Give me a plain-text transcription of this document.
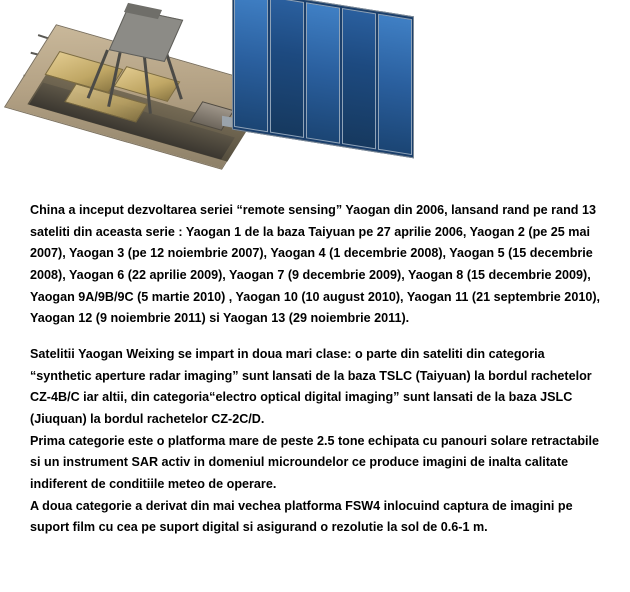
China a inceput dezvoltarea seriei “remote sensing” Yaogan din 2006, lansand rand pe rand 13 sateliti din aceasta serie : Yaogan 1 de la baza Taiyuan pe 27 aprilie 2006, Yaogan 2 (pe 25 mai 2007), Yaogan 3 (pe 12 noiembrie 2007), Yaogan 4 (1 decembrie 2008), Yaogan 5 (15 decembrie 2008), Yaogan 6 (22 aprilie 2009), Yaogan 7 (9 decembrie 2009), Yaogan 8 (15 decembrie 2009), Yaogan 9A/9B/9C (5 martie 2010) , Yaogan 10 (10 august 2010), Yaogan 11 (21 septembrie 2010), Yaogan 12 (9 noiembrie 2011) si Yaogan 13 (29 noiembrie 2011).

Satelitii Yaogan Weixing se impart in doua mari clase: o parte din sateliti din categoria “synthetic aperture radar imaging” sunt lansati de la baza TSLC (Taiyuan) la bordul rachetelor CZ-4B/C iar altii, din categoria“electro optical digital imaging” sunt lansati de la baza JSLC (Jiuquan) la bordul rachetelor CZ-2C/D.

Prima categorie este o platforma mare de peste 2.5 tone echipata cu panouri solare retractabile si un instrument SAR activ in domeniul microundelor ce produce imagini de inalta calitate indiferent de conditiile meteo de operare.

A doua categorie a derivat din mai vechea platforma FSW4 inlocuind captura de imagini pe suport film cu cea pe suport digital si asigurand o rezolutie la sol de 0.6-1 m.
